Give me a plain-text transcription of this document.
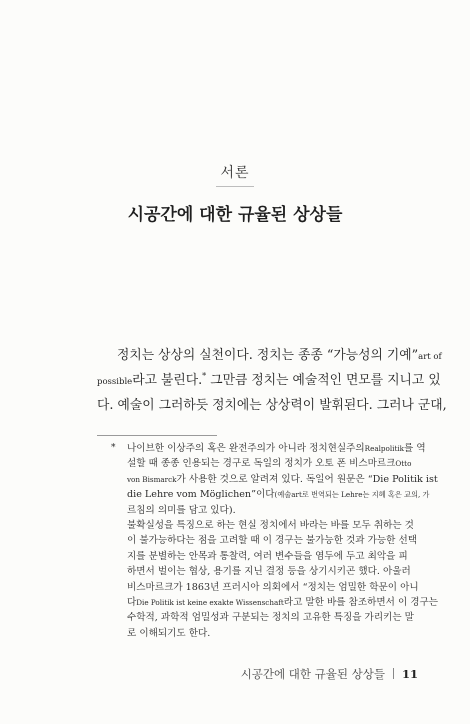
서론
시공간에 대한 규율된 상상들
정치는 상상의 실천이다. 정치는 종종 “가능성의 기예”art of
possible라고 불린다.* 그만큼 정치는 예술적인 면모를 지니고 있
다. 예술이 그러하듯 정치에는 상상력이 발휘된다. 그러나 군대,
*	나이브한 이상주의 혹은 완전주의가 아니라 정치현실주의Realpolitik를 역
설할 때 종종 인용되는 경구로 독일의 정치가 오토 폰 비스마르크Otto
von Bismarck가 사용한 것으로 알려져 있다. 독일어 원문은 “Die Politik ist
die Lehre vom Möglichen”이다(예술art로 번역되는 Lehre는 지혜 혹은 교의, 가
르침의 의미를 담고 있다).
불확실성을 특징으로 하는 현실 정치에서 바라는 바를 모두 취하는 것
이 불가능하다는 점을 고려할 때 이 경구는 불가능한 것과 가능한 선택
지를 분별하는 안목과 통찰력, 여러 변수들을 염두에 두고 최악을 피
하면서 벌이는 협상, 용기를 지닌 결정 등을 상기시키곤 했다. 아울러
비스마르크가 1863년 프러시아 의회에서 “정치는 엄밀한 학문이 아니
다Die Politik ist keine exakte Wissenschaft라고 말한 바를 참조하면서 이 경구는
수학적, 과학적 엄밀성과 구분되는 정치의 고유한 특징을 가리키는 말
로 이해되기도 한다.
시공간에 대한 규율된 상상들 11
